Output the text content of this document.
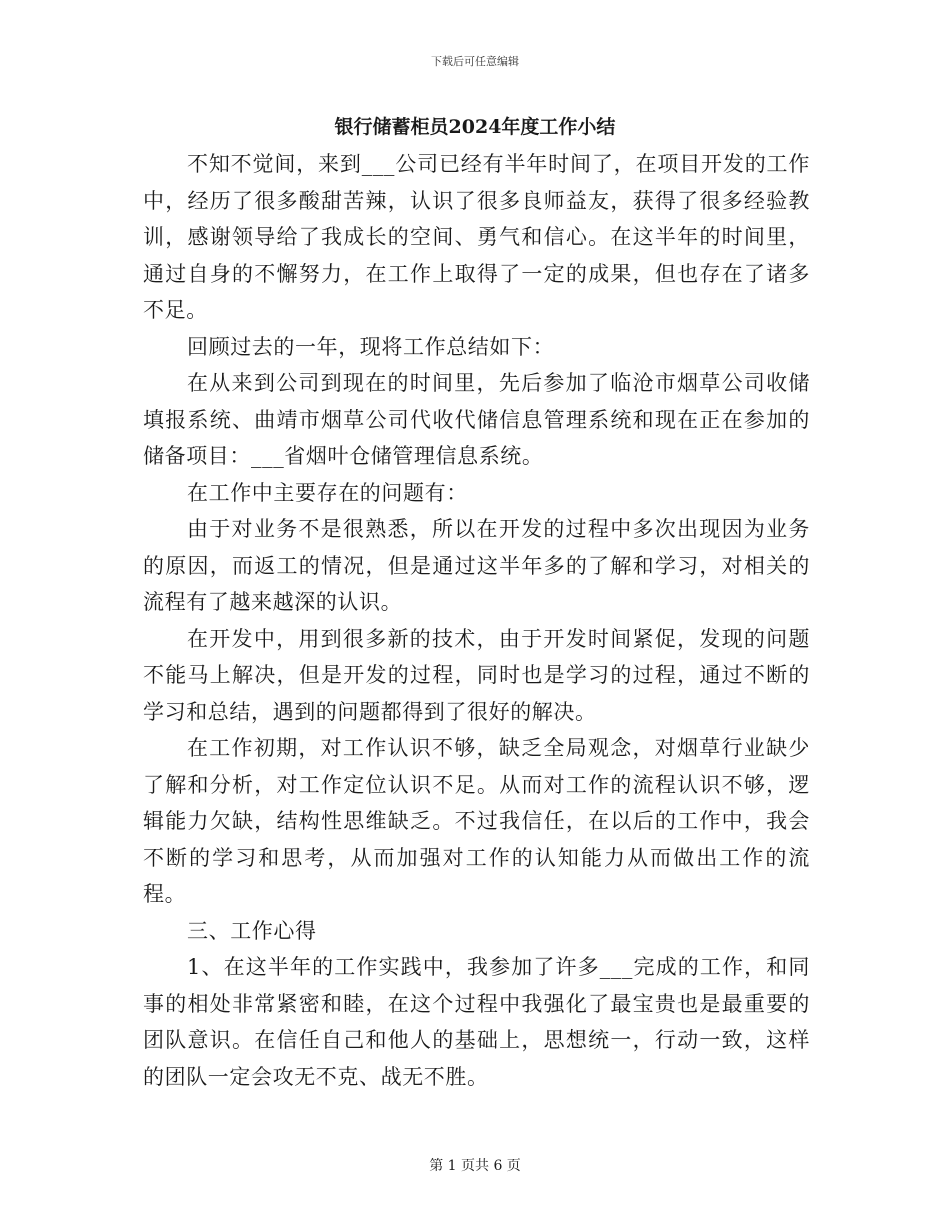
下载后可任意编辑
银行储蓄柜员2024年度工作小结

不知不觉间，来到___公司已经有半年时间了，在项目开发的工作中，经历了很多酸甜苦辣，认识了很多良师益友，获得了很多经验教训，感谢领导给了我成长的空间、勇气和信心。在这半年的时间里，通过自身的不懈努力，在工作上取得了一定的成果，但也存在了诸多不足。

回顾过去的一年，现将工作总结如下：

在从来到公司到现在的时间里，先后参加了临沧市烟草公司收储填报系统、曲靖市烟草公司代收代储信息管理系统和现在正在参加的储备项目：___省烟叶仓储管理信息系统。

在工作中主要存在的问题有：

由于对业务不是很熟悉，所以在开发的过程中多次出现因为业务的原因，而返工的情况，但是通过这半年多的了解和学习，对相关的流程有了越来越深的认识。

在开发中，用到很多新的技术，由于开发时间紧促，发现的问题不能马上解决，但是开发的过程，同时也是学习的过程，通过不断的学习和总结，遇到的问题都得到了很好的解决。

在工作初期，对工作认识不够，缺乏全局观念，对烟草行业缺少了解和分析，对工作定位认识不足。从而对工作的流程认识不够，逻辑能力欠缺，结构性思维缺乏。不过我信任，在以后的工作中，我会不断的学习和思考，从而加强对工作的认知能力从而做出工作的流程。

三、工作心得

1、在这半年的工作实践中，我参加了许多___完成的工作，和同事的相处非常紧密和睦，在这个过程中我强化了最宝贵也是最重要的团队意识。在信任自己和他人的基础上，思想统一，行动一致，这样的团队一定会攻无不克、战无不胜。

第 1 页共 6 页
